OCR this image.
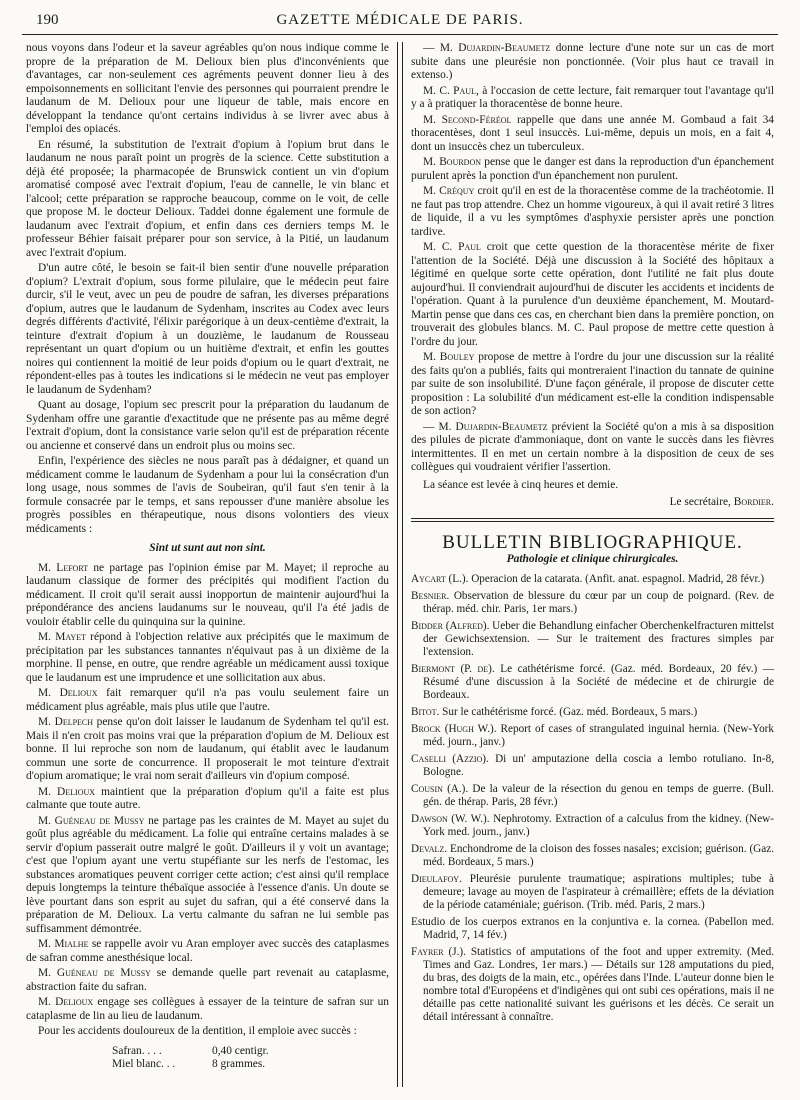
190	GAZETTE MÉDICALE DE PARIS.

nous voyons dans l'odeur et la saveur agréables qu'on nous indique comme le propre de la préparation de M. Delioux bien plus d'inconvénients que d'avantages, car non-seulement ces agréments peuvent donner lieu à des empoisonnements en sollicitant l'envie des personnes qui pourraient prendre le laudanum de M. Delioux pour une liqueur de table, mais encore en développant la tendance qu'ont certains individus à se livrer avec abus à l'emploi des opiacés.

En résumé, la substitution de l'extrait d'opium à l'opium brut dans le laudanum ne nous paraît point un progrès de la science. Cette substitution a déjà été proposée; la pharmacopée de Brunswick contient un vin d'opium aromatisé composé avec l'extrait d'opium, l'eau de cannelle, le vin blanc et l'alcool; cette préparation se rapproche beaucoup, comme on le voit, de celle que propose M. le docteur Delioux. Taddei donne également une formule de laudanum avec l'extrait d'opium, et enfin dans ces derniers temps M. le professeur Béhier faisait préparer pour son service, à la Pitié, un laudanum avec l'extrait d'opium.

D'un autre côté, le besoin se fait-il bien sentir d'une nouvelle préparation d'opium? L'extrait d'opium, sous forme pilulaire, que le médecin peut faire durcir, s'il le veut, avec un peu de poudre de safran, les diverses préparations d'opium, autres que le laudanum de Sydenham, inscrites au Codex avec leurs degrés différents d'activité, l'élixir parégorique à un deux-centième d'extrait, la teinture d'extrait d'opium à un douzième, le laudanum de Rousseau représentant un quart d'opium ou un huitième d'extrait, et enfin les gouttes noires qui contiennent la moitié de leur poids d'opium ou le quart d'extrait, ne répondent-elles pas à toutes les indications si le médecin ne veut pas employer le laudanum de Sydenham?

Quant au dosage, l'opium sec prescrit pour la préparation du laudanum de Sydenham offre une garantie d'exactitude que ne présente pas au même degré l'extrait d'opium, dont la consistance varie selon qu'il est de préparation récente ou ancienne et conservé dans un endroit plus ou moins sec.

Enfin, l'expérience des siècles ne nous paraît pas à dédaigner, et quand un médicament comme le laudanum de Sydenham a pour lui la consécration d'un long usage, nous sommes de l'avis de Soubeiran, qu'il faut s'en tenir à la formule consacrée par le temps, et sans repousser d'une manière absolue les progrès possibles en thérapeutique, nous disons volontiers des vieux médicaments :

Sint ut sunt aut non sint.

M. Lefort ne partage pas l'opinion émise par M. Mayet; il reproche au laudanum classique de former des précipités qui modifient l'action du médicament. Il croit qu'il serait aussi inopportun de maintenir aujourd'hui la prépondérance des anciens laudanums sur le nouveau, qu'il l'a été jadis de vouloir établir celle du quinquina sur la quinine.

M. Mayet répond à l'objection relative aux précipités que le maximum de précipitation par les substances tannantes n'équivaut pas à un dixième de la morphine. Il pense, en outre, que rendre agréable un médicament aussi toxique que le laudanum est une imprudence et une sollicitation aux abus.

M. Delioux fait remarquer qu'il n'a pas voulu seulement faire un médicament plus agréable, mais plus utile que l'autre.

M. Delpech pense qu'on doit laisser le laudanum de Sydenham tel qu'il est. Mais il n'en croit pas moins vrai que la préparation d'opium de M. Delioux est bonne. Il lui reproche son nom de laudanum, qui établit avec le laudanum commun une sorte de concurrence. Il proposerait le mot teinture d'extrait d'opium aromatique; le vrai nom serait d'ailleurs vin d'opium composé.

M. Delioux maintient que la préparation d'opium qu'il a faite est plus calmante que toute autre.

M. Guéneau de Mussy ne partage pas les craintes de M. Mayet au sujet du goût plus agréable du médicament. La folie qui entraîne certains malades à se servir d'opium passerait outre malgré le goût. D'ailleurs il y voit un avantage; c'est que l'opium ayant une vertu stupéfiante sur les nerfs de l'estomac, les substances aromatiques peuvent corriger cette action; c'est ainsi qu'il remplace depuis longtemps la teinture thébaïque associée à l'essence d'anis. Un doute se lève pourtant dans son esprit au sujet du safran, qui a été conservé dans la préparation de M. Delioux. La vertu calmante du safran ne lui semble pas suffisamment démontrée.

M. Mialhe se rappelle avoir vu Aran employer avec succès des cataplasmes de safran comme anesthésique local.

M. Guéneau de Mussy se demande quelle part revenait au cataplasme, abstraction faite du safran.

M. Delioux engage ses collègues à essayer de la teinture de safran sur un cataplasme de lin au lieu de laudanum.

Pour les accidents douloureux de la dentition, il emploie avec succès :

Safran. . . .	0,40 centigr.
Miel blanc. . .	8 grammes.

— M. Dujardin-Beaumetz donne lecture d'une note sur un cas de mort subite dans une pleurésie non ponctionnée. (Voir plus haut ce travail in extenso.)

M. C. Paul, à l'occasion de cette lecture, fait remarquer tout l'avantage qu'il y a à pratiquer la thoracentèse de bonne heure.

M. Second-Féréol rappelle que dans une année M. Gombaud a fait 34 thoracentèses, dont 1 seul insuccès. Lui-même, depuis un mois, en a fait 4, dont un insuccès chez un tuberculeux.

M. Bourdon pense que le danger est dans la reproduction d'un épanchement purulent après la ponction d'un épanchement non purulent.

M. Créquy croit qu'il en est de la thoracentèse comme de la trachéotomie. Il ne faut pas trop attendre. Chez un homme vigoureux, à qui il avait retiré 3 litres de liquide, il a vu les symptômes d'asphyxie persister après une ponction tardive.

M. C. Paul croit que cette question de la thoracentèse mérite de fixer l'attention de la Société. Déjà une discussion à la Société des hôpitaux a légitimé en quelque sorte cette opération, dont l'utilité ne fait plus doute aujourd'hui. Il conviendrait aujourd'hui de discuter les accidents et incidents de l'opération. Quant à la purulence d'un deuxième épanchement, M. Moutard-Martin pense que dans ces cas, en cherchant bien dans la première ponction, on trouverait des globules blancs. M. C. Paul propose de mettre cette question à l'ordre du jour.

M. Bouley propose de mettre à l'ordre du jour une discussion sur la réalité des faits qu'on a publiés, faits qui montreraient l'inaction du tannate de quinine par suite de son insolubilité. D'une façon générale, il propose de discuter cette proposition : La solubilité d'un médicament est-elle la condition indispensable de son action?

— M. Dujardin-Beaumetz prévient la Société qu'on a mis à sa disposition des pilules de picrate d'ammoniaque, dont on vante le succès dans les fièvres intermittentes. Il en met un certain nombre à la disposition de ceux de ses collègues qui voudraient vérifier l'assertion.

La séance est levée à cinq heures et demie.

Le secrétaire, Bordier.

BULLETIN BIBLIOGRAPHIQUE.

Pathologie et clinique chirurgicales.

Aycart (L.). Operacion de la catarata. (Anfit. anat. espagnol. Madrid, 28 févr.)

Besnier. Observation de blessure du cœur par un coup de poignard. (Rev. de thérap. méd. chir. Paris, 1er mars.)

Bidder (Alfred). Ueber die Behandlung einfacher Oberchenkelfracturen mittelst der Gewichsextension. — Sur le traitement des fractures simples par l'extension.

Biermont (P. de). Le cathétérisme forcé. (Gaz. méd. Bordeaux, 20 fév.) — Résumé d'une discussion à la Société de médecine et de chirurgie de Bordeaux.

Bitot. Sur le cathétérisme forcé. (Gaz. méd. Bordeaux, 5 mars.)

Brock (Hugh W.). Report of cases of strangulated inguinal hernia. (New-York méd. journ., janv.)

Caselli (Azzio). Di un' amputazione della coscia a lembo rotuliano. In-8, Bologne.

Cousin (A.). De la valeur de la résection du genou en temps de guerre. (Bull. gén. de thérap. Paris, 28 févr.)

Dawson (W. W.). Nephrotomy. Extraction of a calculus from the kidney. (New-York med. journ., janv.)

Devalz. Enchondrome de la cloison des fosses nasales; excision; guérison. (Gaz. méd. Bordeaux, 5 mars.)

Dieulafoy. Pleurésie purulente traumatique; aspirations multiples; tube à demeure; lavage au moyen de l'aspirateur à crémaillère; effets de la déviation de la période cataméniale; guérison. (Trib. méd. Paris, 2 mars.)

Estudio de los cuerpos extranos en la conjuntiva e. la cornea. (Pabellon med. Madrid, 7, 14 fév.)

Fayrer (J.). Statistics of amputations of the foot and upper extremity. (Med. Times and Gaz. Londres, 1er mars.) — Détails sur 128 amputations du pied, du bras, des doigts de la main, etc., opérées dans l'Inde. L'auteur donne bien le nombre total d'Européens et d'indigènes qui ont subi ces opérations, mais il ne détaille pas cette nationalité suivant les guérisons et les décès. Ce serait un détail intéressant à connaître.
